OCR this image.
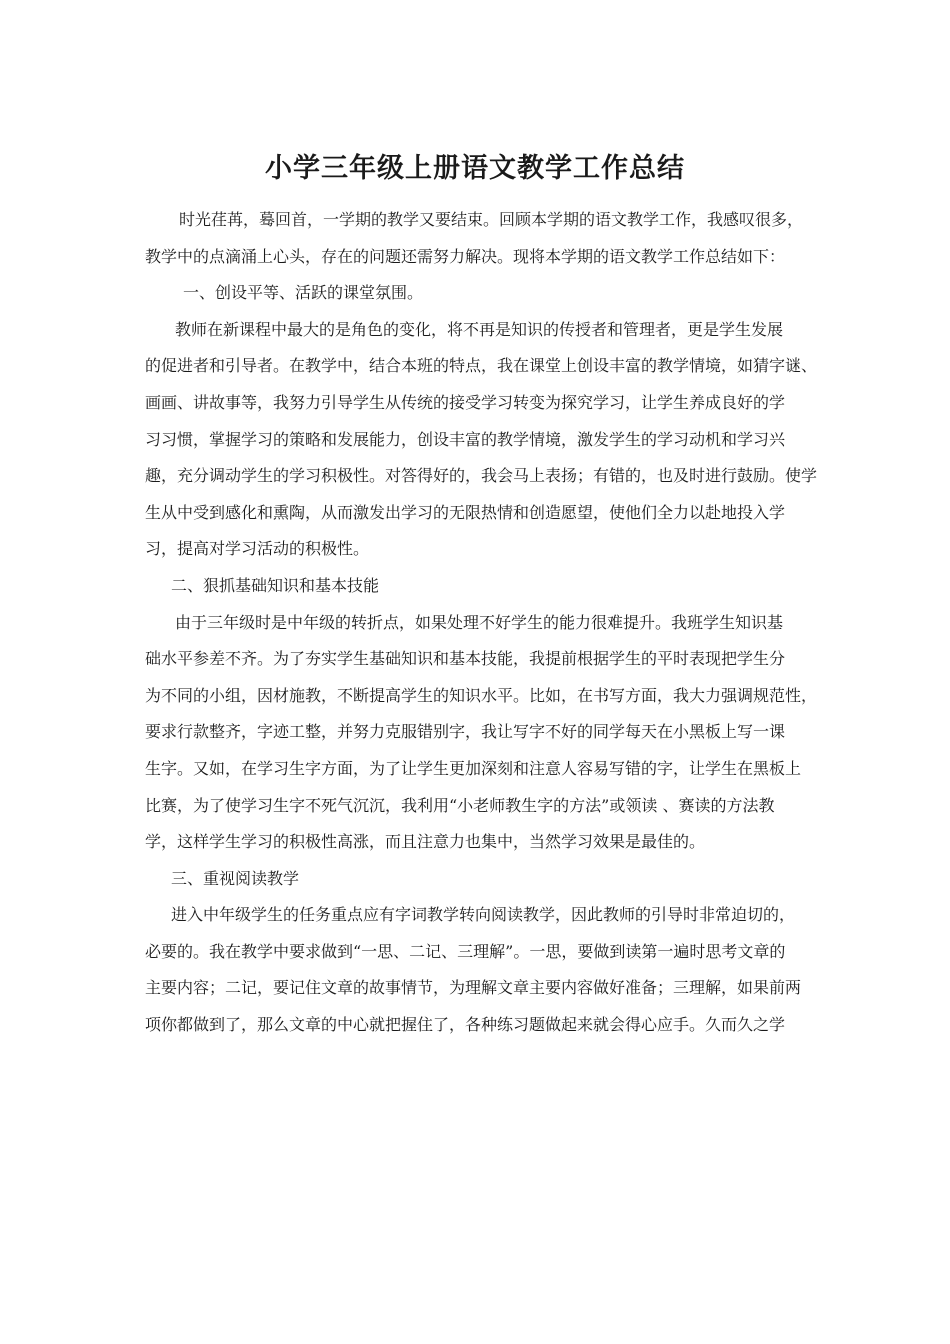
小学三年级上册语文教学工作总结

时光荏苒，蓦回首，一学期的教学又要结束。回顾本学期的语文教学工作，我感叹很多，
教学中的点滴涌上心头，存在的问题还需努力解决。现将本学期的语文教学工作总结如下：

一、创设平等、活跃的课堂氛围。

教师在新课程中最大的是角色的变化，将不再是知识的传授者和管理者，更是学生发展
的促进者和引导者。在教学中，结合本班的特点，我在课堂上创设丰富的教学情境，如猜字谜、
画画、讲故事等，我努力引导学生从传统的接受学习转变为探究学习，让学生养成良好的学
习习惯，掌握学习的策略和发展能力，创设丰富的教学情境，激发学生的学习动机和学习兴
趣，充分调动学生的学习积极性。对答得好的，我会马上表扬；有错的，也及时进行鼓励。使学
生从中受到感化和熏陶，从而激发出学习的无限热情和创造愿望，使他们全力以赴地投入学
习，提高对学习活动的积极性。

二、狠抓基础知识和基本技能

由于三年级时是中年级的转折点，如果处理不好学生的能力很难提升。我班学生知识基
础水平参差不齐。为了夯实学生基础知识和基本技能，我提前根据学生的平时表现把学生分
为不同的小组，因材施教，不断提高学生的知识水平。比如，在书写方面，我大力强调规范性，
要求行款整齐，字迹工整，并努力克服错别字，我让写字不好的同学每天在小黑板上写一课
生字。又如，在学习生字方面，为了让学生更加深刻和注意人容易写错的字，让学生在黑板上
比赛，为了使学习生字不死气沉沉，我利用“小老师教生字的方法”或领读 、赛读的方法教
学，这样学生学习的积极性高涨，而且注意力也集中，当然学习效果是最佳的。

三、重视阅读教学

进入中年级学生的任务重点应有字词教学转向阅读教学，因此教师的引导时非常迫切的，
必要的。我在教学中要求做到“一思、二记、三理解”。一思，要做到读第一遍时思考文章的
主要内容；二记，要记住文章的故事情节，为理解文章主要内容做好准备；三理解，如果前两
项你都做到了，那么文章的中心就把握住了，各种练习题做起来就会得心应手。久而久之学
